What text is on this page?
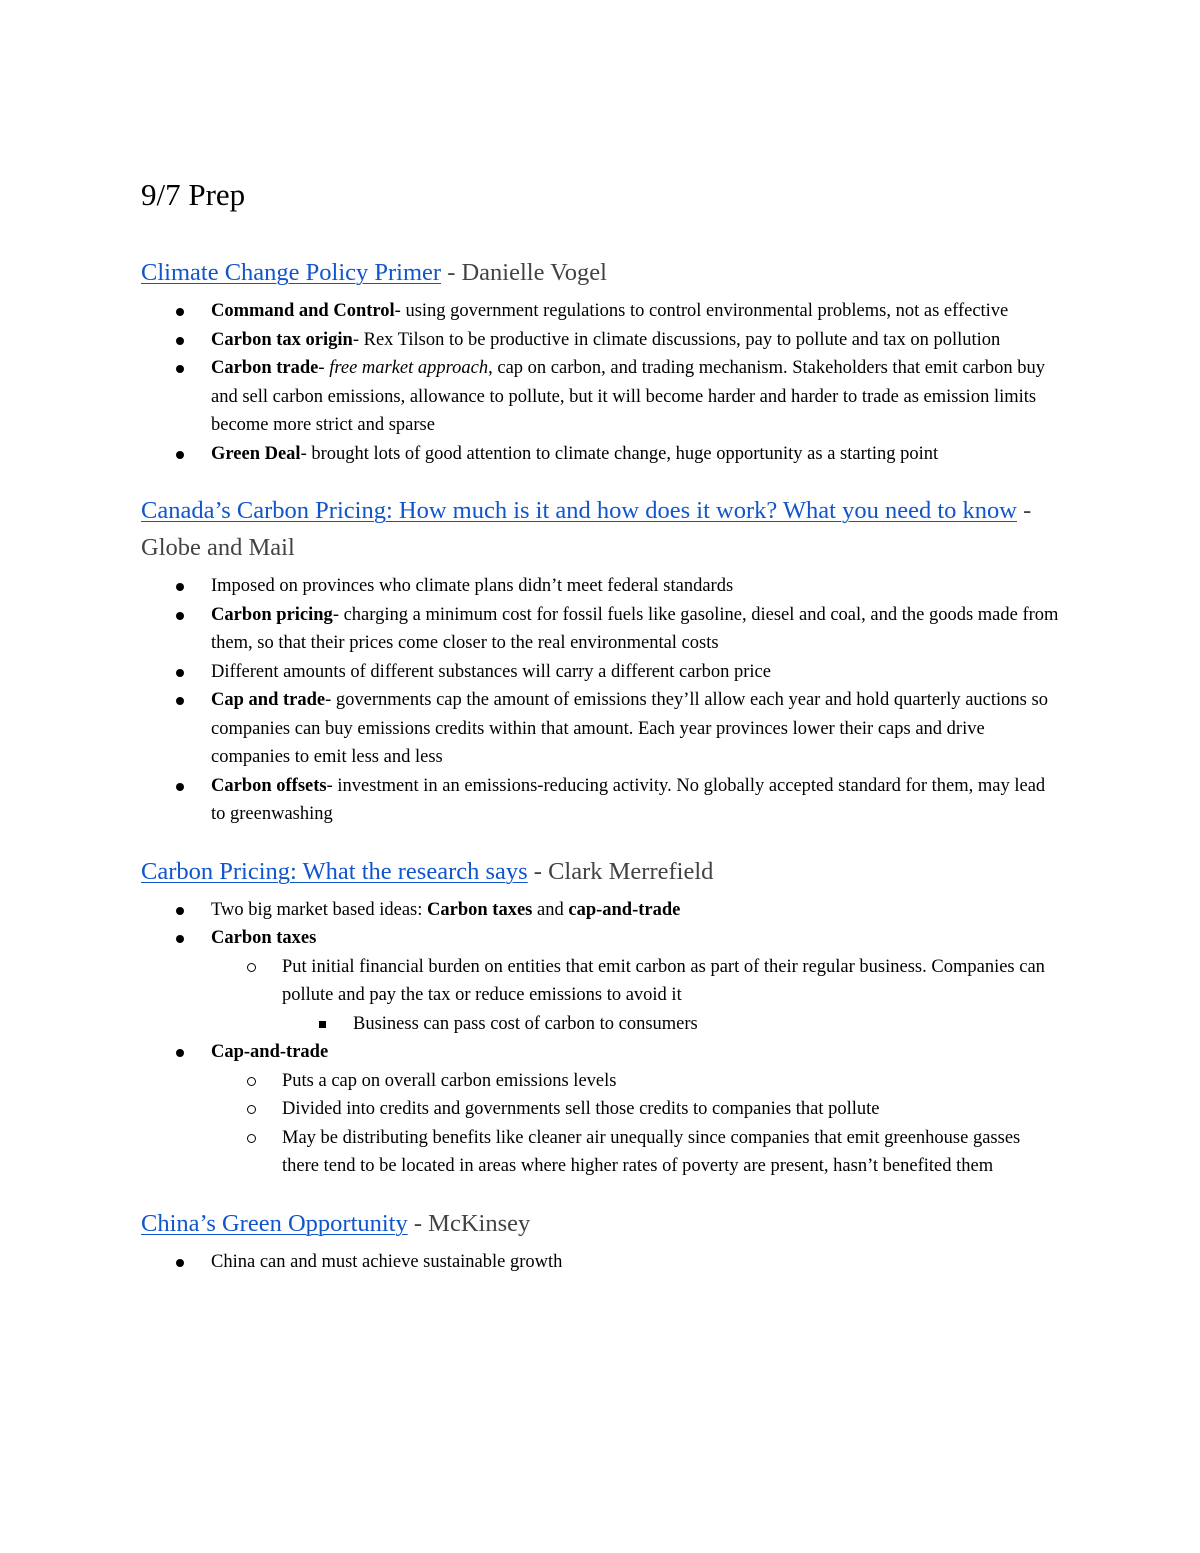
9/7 Prep
Climate Change Policy Primer - Danielle Vogel
Command and Control- using government regulations to control environmental problems, not as effective
Carbon tax origin- Rex Tilson to be productive in climate discussions, pay to pollute and tax on pollution
Carbon trade- free market approach, cap on carbon, and trading mechanism. Stakeholders that emit carbon buy and sell carbon emissions, allowance to pollute, but it will become harder and harder to trade as emission limits become more strict and sparse
Green Deal- brought lots of good attention to climate change, huge opportunity as a starting point
Canada’s Carbon Pricing: How much is it and how does it work? What you need to know - Globe and Mail
Imposed on provinces who climate plans didn’t meet federal standards
Carbon pricing- charging a minimum cost for fossil fuels like gasoline, diesel and coal, and the goods made from them, so that their prices come closer to the real environmental costs
Different amounts of different substances will carry a different carbon price
Cap and trade- governments cap the amount of emissions they’ll allow each year and hold quarterly auctions so companies can buy emissions credits within that amount. Each year provinces lower their caps and drive companies to emit less and less
Carbon offsets- investment in an emissions-reducing activity. No globally accepted standard for them, may lead to greenwashing
Carbon Pricing: What the research says - Clark Merrefield
Two big market based ideas: Carbon taxes and cap-and-trade
Carbon taxes
Put initial financial burden on entities that emit carbon as part of their regular business. Companies can pollute and pay the tax or reduce emissions to avoid it
Business can pass cost of carbon to consumers
Cap-and-trade
Puts a cap on overall carbon emissions levels
Divided into credits and governments sell those credits to companies that pollute
May be distributing benefits like cleaner air unequally since companies that emit greenhouse gasses there tend to be located in areas where higher rates of poverty are present, hasn’t benefited them
China’s Green Opportunity - McKinsey
China can and must achieve sustainable growth
